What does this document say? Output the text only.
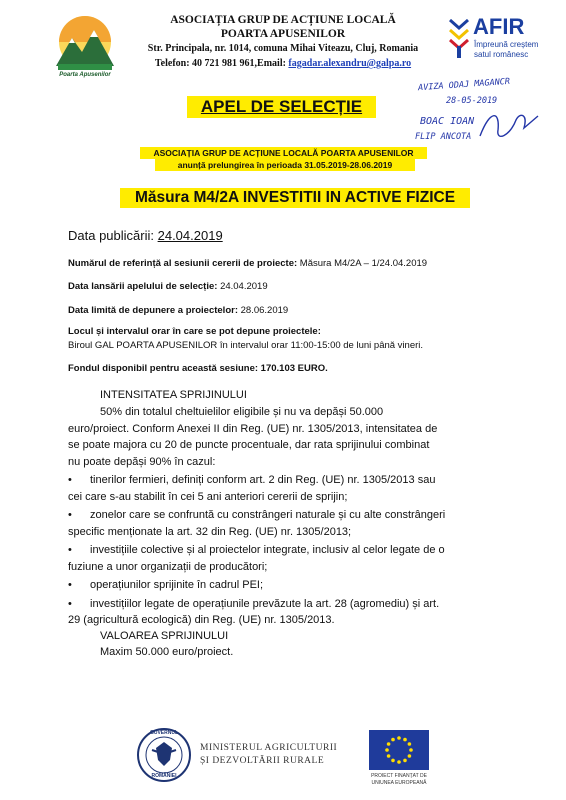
Poarta Apusenilor
ASOCIAȚIA GRUP DE ACȚIUNE LOCALĂ
POARTA APUSENILOR
Str. Principala, nr. 1014, comuna Mihai Viteazu, Cluj, Romania
Telefon: 40 721 981 961,Email: fagadar.alexandru@galpa.ro
AFIR
Împreună creștem
satul românesc
AVIZA ODAJ MAGANCR
28-05-2019
BOAC IOAN
FLIP ANCOTA
APEL DE SELECȚIE
ASOCIAȚIA GRUP DE ACȚIUNE LOCALĂ POARTA APUSENILOR
anunță prelungirea în perioada 31.05.2019-28.06.2019
Măsura M4/2A INVESTITII IN ACTIVE FIZICE
Data publicării: 24.04.2019
Numărul de referință al sesiunii cererii de proiecte: Măsura M4/2A – 1/24.04.2019
Data lansării apelului de selecție: 24.04.2019
Data limită de depunere a proiectelor: 28.06.2019
Locul și intervalul orar în care se pot depune proiectele:
Biroul GAL POARTA APUSENILOR în intervalul orar 11:00-15:00 de luni până vineri.
Fondul disponibil pentru această sesiune: 170.103 EURO.
INTENSITATEA SPRIJINULUI
50% din totalul cheltuielilor eligibile și nu va depăși 50.000
euro/proiect. Conform Anexei II din Reg. (UE) nr. 1305/2013, intensitatea de
se poate majora cu 20 de puncte procentuale, dar rata sprijinului combinat
nu poate depăși 90% în cazul:
•	tinerilor fermieri, definiți conform art. 2 din Reg. (UE) nr. 1305/2013 sau
cei care s-au stabilit în cei 5 ani anteriori cererii de sprijin;
•	zonelor care se confruntă cu constrângeri naturale și cu alte constrângeri
specific menționate la art. 32 din Reg. (UE) nr. 1305/2013;
•	investițiile colective și al proiectelor integrate, inclusiv al celor legate de o
fuziune a unor organizații de producători;
•	operațiunilor sprijinite în cadrul PEI;
•	investițiilor legate de operațiunile prevăzute la art. 28 (agromediu) și art.
29 (agricultură ecologică) din Reg. (UE) nr. 1305/2013.
VALOAREA SPRIJINULUI
Maxim 50.000 euro/proiect.
GUVERNUL
ROMÂNIEI
MINISTERUL AGRICULTURII
ȘI DEZVOLTĂRII RURALE
PROIECT FINANȚAT DE
UNIUNEA EUROPEANĂ
